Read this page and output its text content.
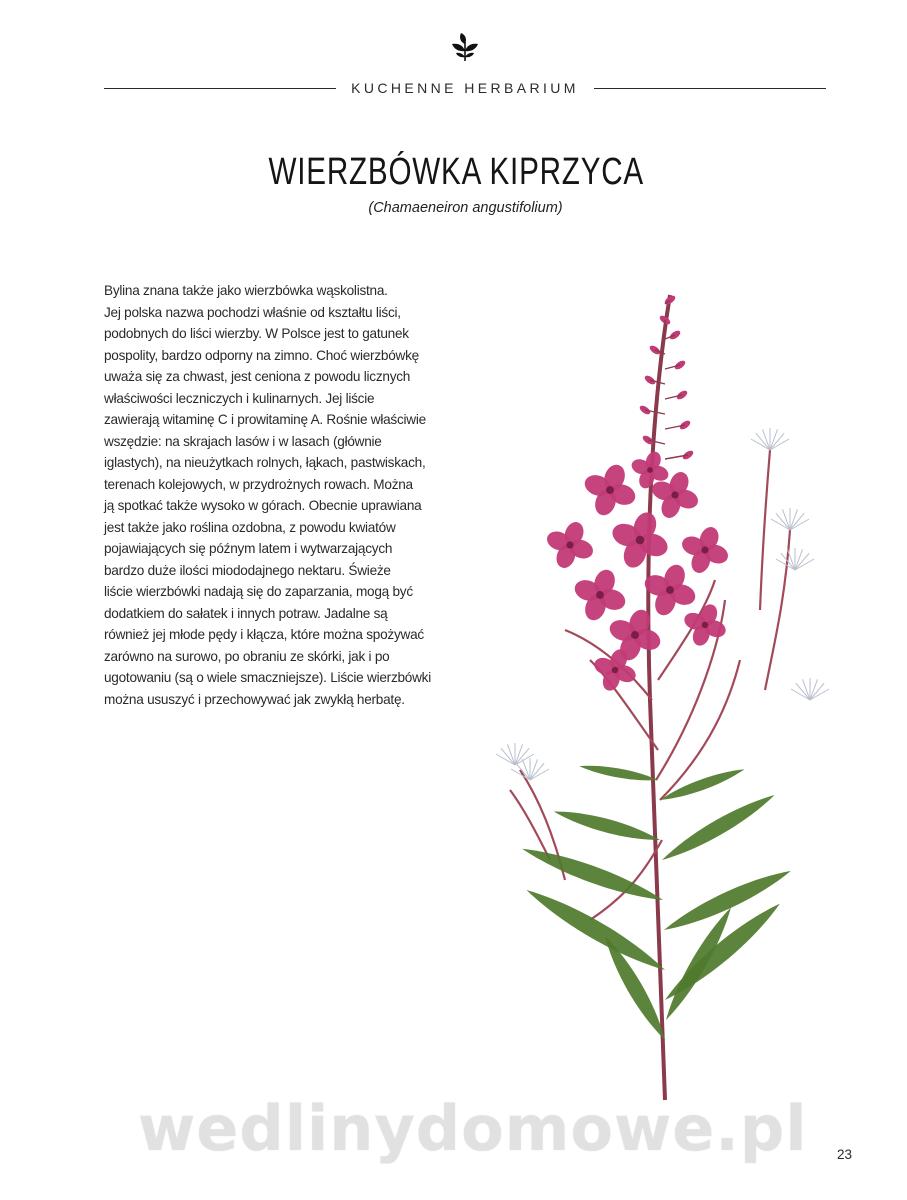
KUCHENNE HERBARIUM
WIERZBÓWKA KIPRZYCA
(Chamaeneiron angustifolium)
Bylina znana także jako wierzbówka wąskolistna.
Jej polska nazwa pochodzi właśnie od kształtu liści,
podobnych do liści wierzby. W Polsce jest to gatunek
pospolity, bardzo odporny na zimno. Choć wierzbówkę
uważa się za chwast, jest ceniona z powodu licznych
właściwości leczniczych i kulinarnych. Jej liście
zawierają witaminę C i prowitaminę A. Rośnie właściwie
wszędzie: na skrajach lasów i w lasach (głównie
iglastych), na nieużytkach rolnych, łąkach, pastwiskach,
terenach kolejowych, w przydrożnych rowach. Można
ją spotkać także wysoko w górach. Obecnie uprawiana
jest także jako roślina ozdobna, z powodu kwiatów
pojawiających się późnym latem i wytwarzających
bardzo duże ilości miododajnego nektaru. Świeże
liście wierzbówki nadają się do zaparzania, mogą być
dodatkiem do sałatek i innych potraw. Jadalne są
również jej młode pędy i kłącza, które można spożywać
zarówno na surowo, po obraniu ze skórki, jak i po
ugotowaniu (są o wiele smaczniejsze). Liście wierzbówki
można ususzyć i przechowywać jak zwykłą herbatę.
wedlinydomowe.pl	23
